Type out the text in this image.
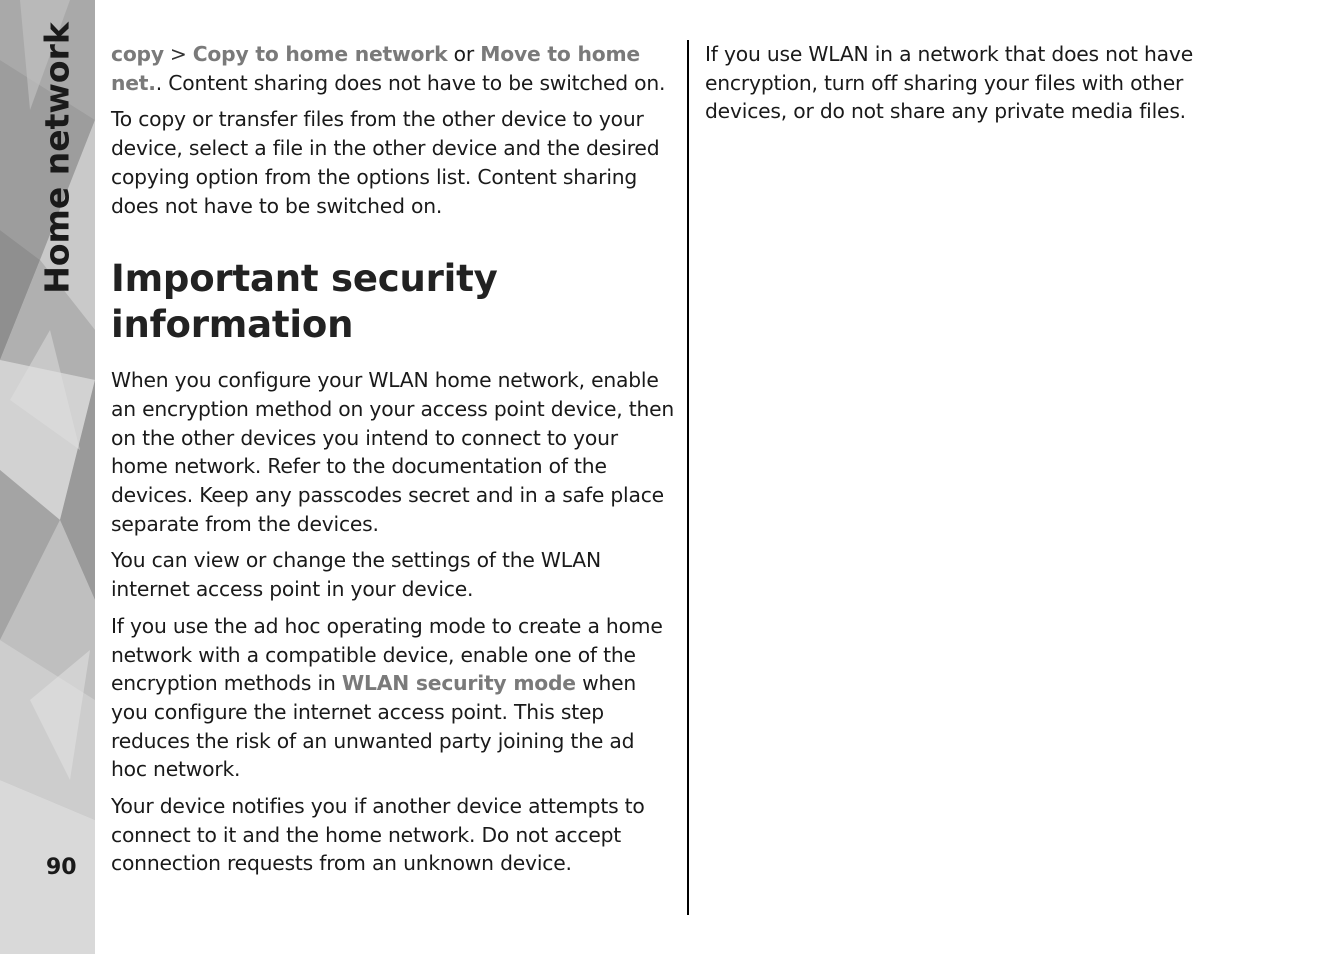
Home network
90

copy > Copy to home network or Move to home net.. Content sharing does not have to be switched on.

To copy or transfer files from the other device to your device, select a file in the other device and the desired copying option from the options list. Content sharing does not have to be switched on.

Important security information

When you configure your WLAN home network, enable an encryption method on your access point device, then on the other devices you intend to connect to your home network. Refer to the documentation of the devices. Keep any passcodes secret and in a safe place separate from the devices.

You can view or change the settings of the WLAN internet access point in your device.

If you use the ad hoc operating mode to create a home network with a compatible device, enable one of the encryption methods in WLAN security mode when you configure the internet access point. This step reduces the risk of an unwanted party joining the ad hoc network.

Your device notifies you if another device attempts to connect to it and the home network. Do not accept connection requests from an unknown device.

If you use WLAN in a network that does not have encryption, turn off sharing your files with other devices, or do not share any private media files.
